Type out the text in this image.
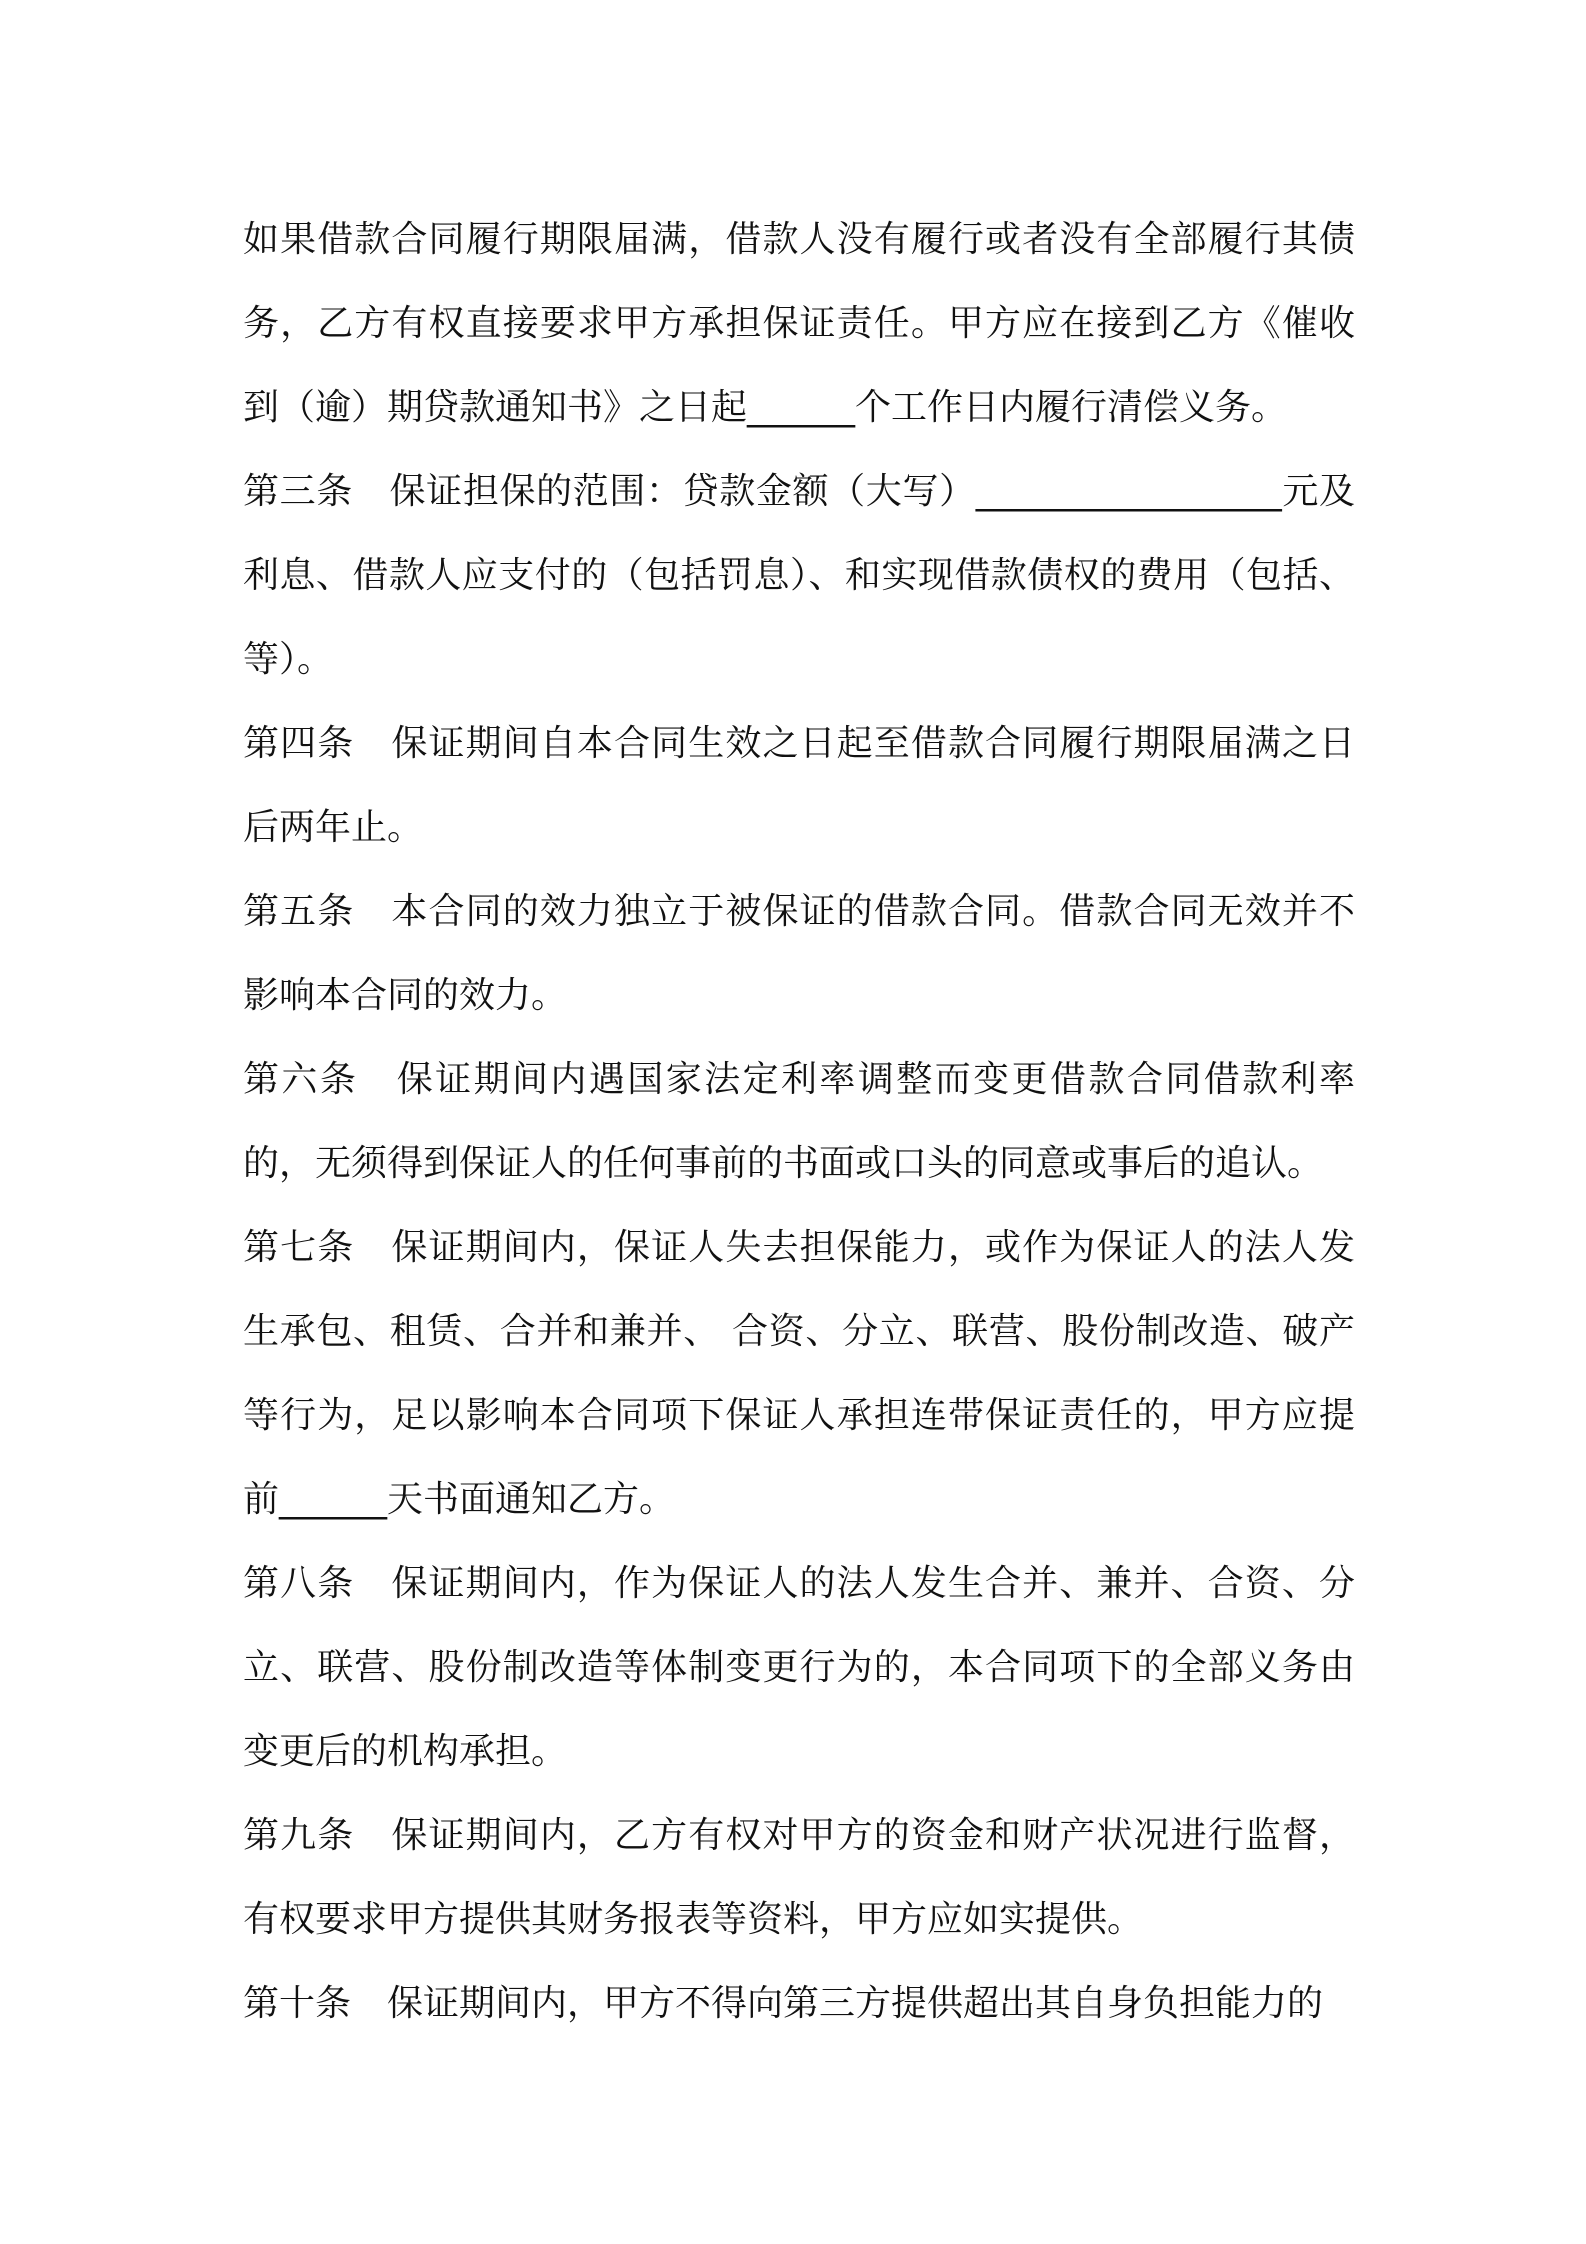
如果借款合同履行期限届满，借款人没有履行或者没有全部履行其债务，乙方有权直接要求甲方承担保证责任。甲方应在接到乙方《催收到（逾）期贷款通知书》之日起______个工作日内履行清偿义务。

第三条　保证担保的范围：贷款金额（大写）_________________元及利息、借款人应支付的（包括罚息）、和实现借款债权的费用（包括、等）。

第四条　保证期间自本合同生效之日起至借款合同履行期限届满之日后两年止。

第五条　本合同的效力独立于被保证的借款合同。借款合同无效并不影响本合同的效力。

第六条　保证期间内遇国家法定利率调整而变更借款合同借款利率的，无须得到保证人的任何事前的书面或口头的同意或事后的追认。

第七条　保证期间内，保证人失去担保能力，或作为保证人的法人发生承包、租赁、合并和兼并、 合资、分立、联营、股份制改造、破产等行为，足以影响本合同项下保证人承担连带保证责任的，甲方应提前______天书面通知乙方。

第八条　保证期间内，作为保证人的法人发生合并、兼并、合资、分立、联营、股份制改造等体制变更行为的，本合同项下的全部义务由变更后的机构承担。

第九条　保证期间内，乙方有权对甲方的资金和财产状况进行监督，有权要求甲方提供其财务报表等资料，甲方应如实提供。

第十条　保证期间内，甲方不得向第三方提供超出其自身负担能力的
